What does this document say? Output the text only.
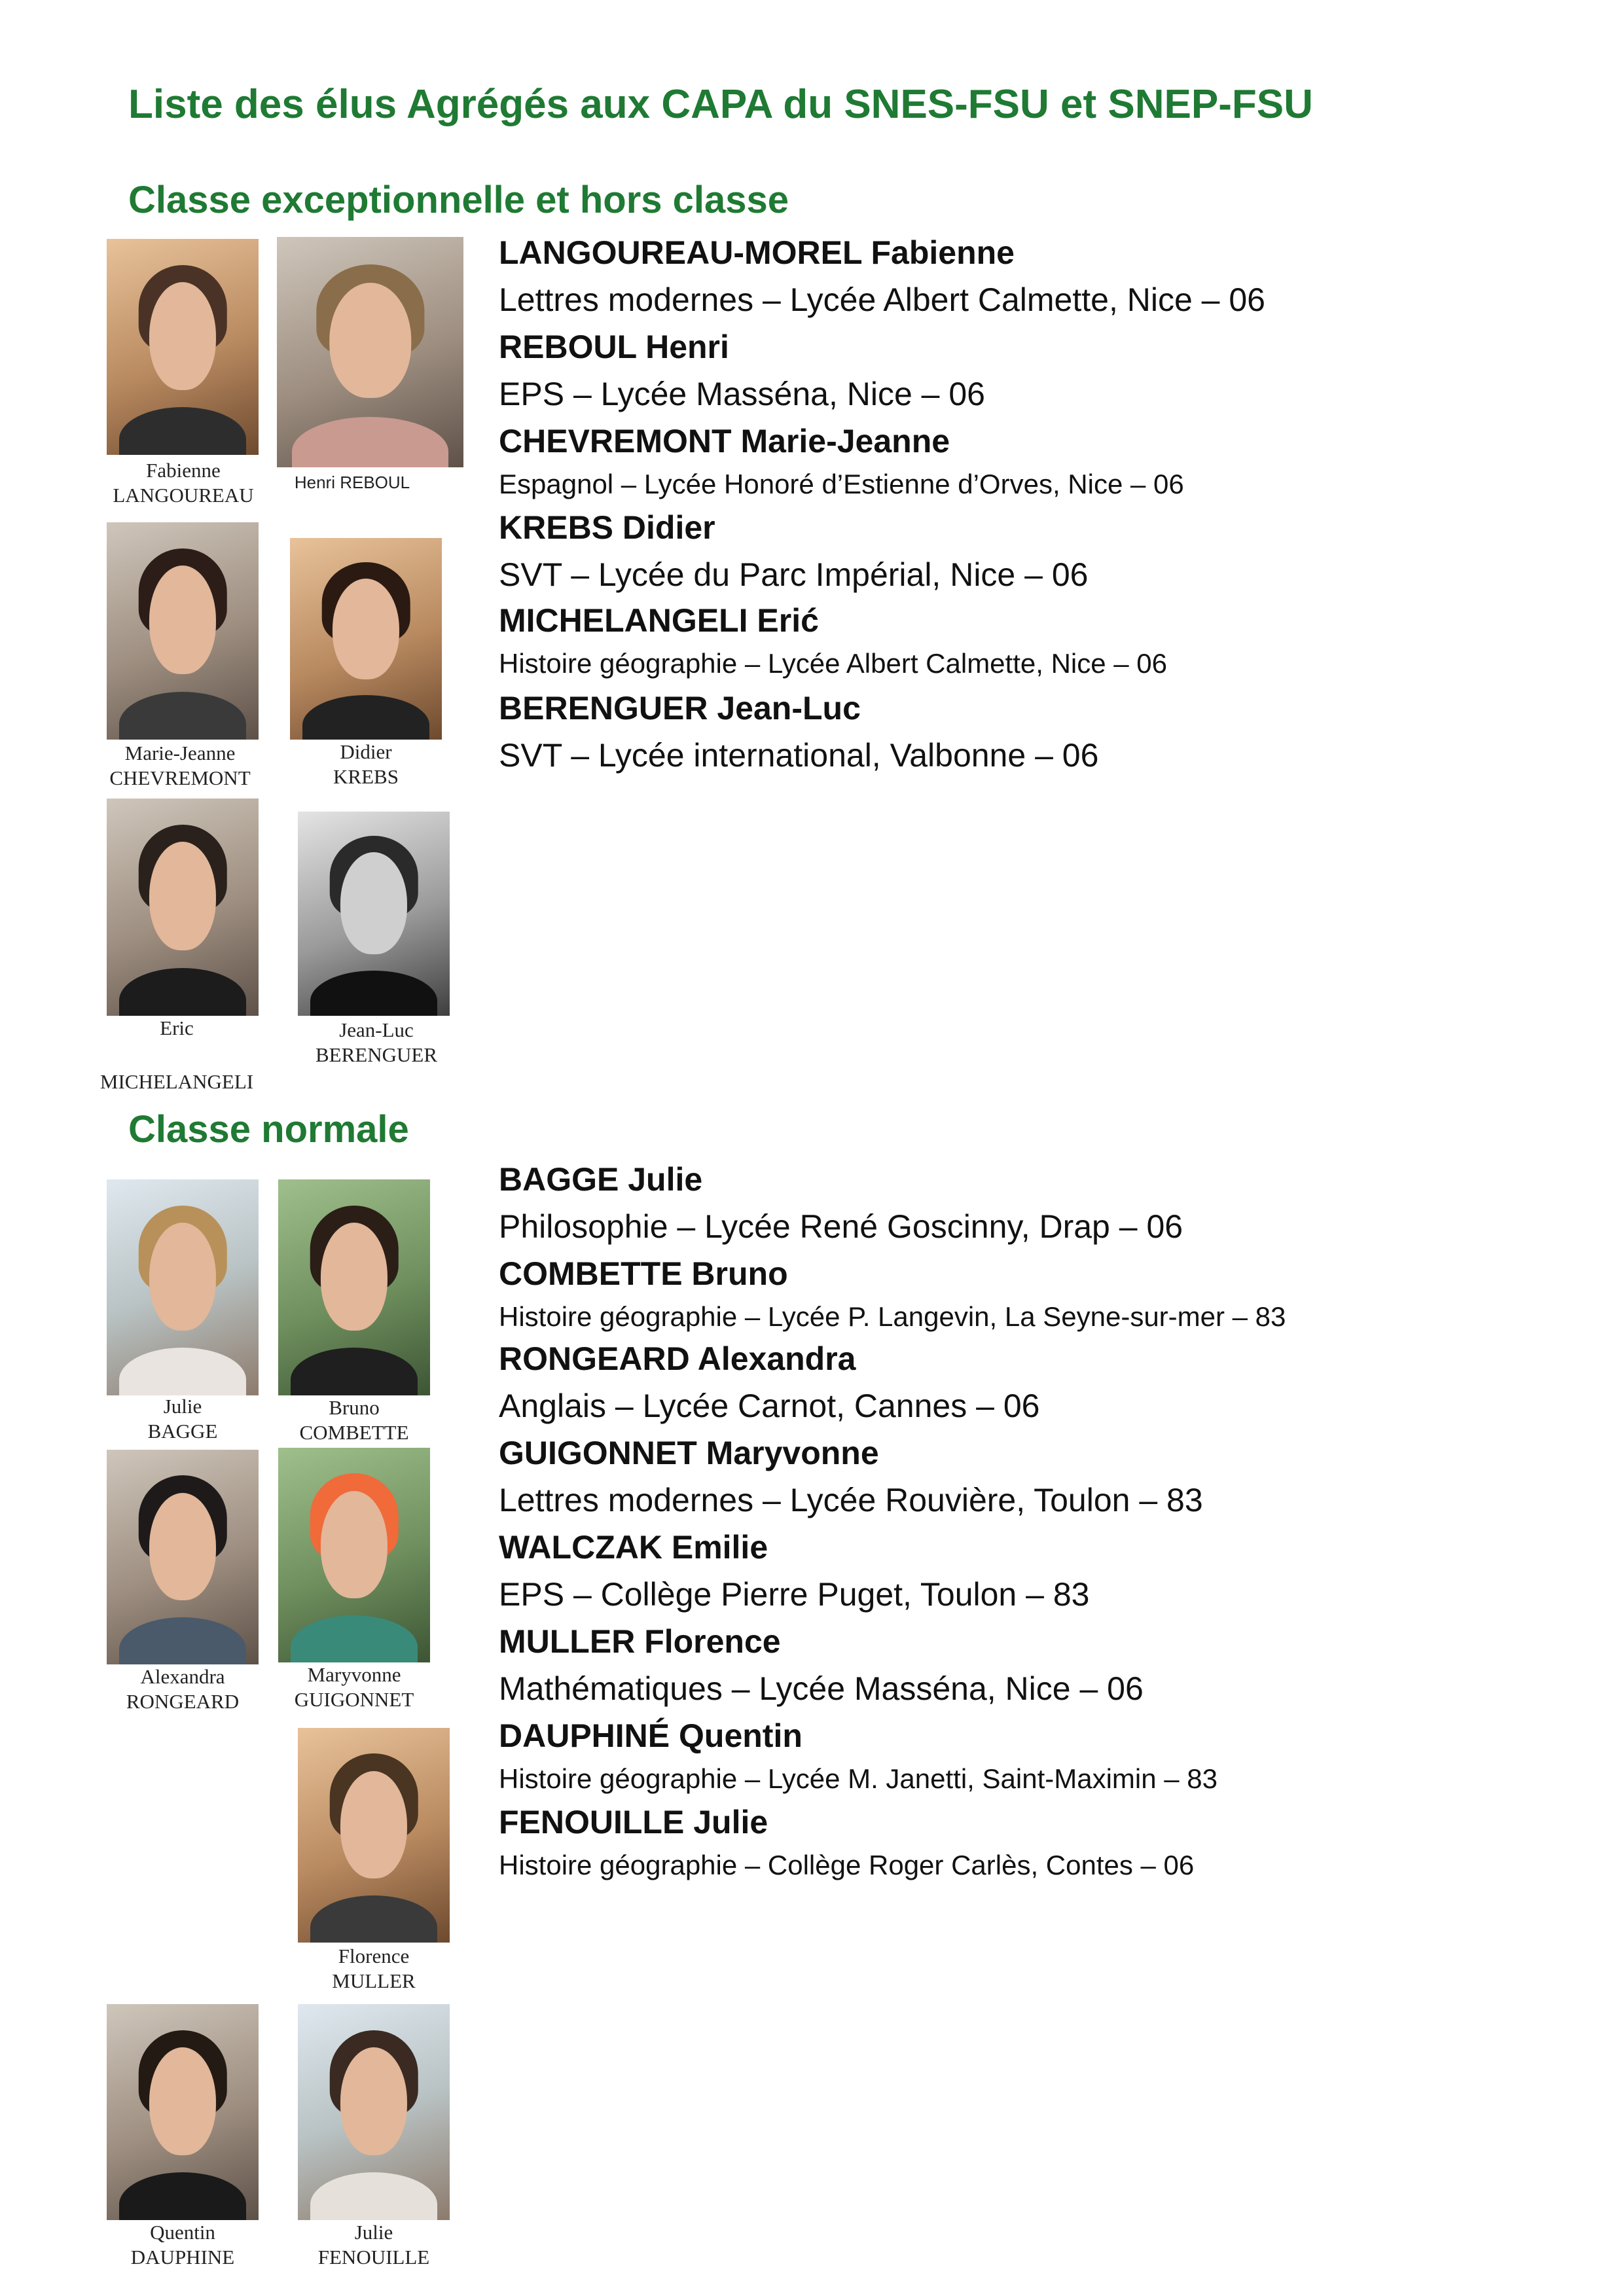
Liste des élus Agrégés aux CAPA du SNES-FSU et SNEP-FSU
Classe exceptionnelle et hors classe
Fabienne
LANGOUREAU
Henri REBOUL
Marie-Jeanne
CHEVREMONT
Didier
KREBS
Eric
MICHELANGELI
Jean-Luc
BERENGUER
LANGOUREAU-MOREL Fabienne
Lettres modernes – Lycée Albert Calmette, Nice – 06
REBOUL Henri
EPS – Lycée Masséna, Nice – 06
CHEVREMONT Marie-Jeanne
Espagnol – Lycée Honoré d’Estienne d’Orves, Nice – 06
KREBS Didier
SVT – Lycée du Parc Impérial, Nice – 06
MICHELANGELI Erić
Histoire géographie – Lycée Albert Calmette, Nice – 06
BERENGUER Jean-Luc
SVT – Lycée international, Valbonne – 06
Classe normale
Julie
BAGGE
Bruno
COMBETTE
Alexandra
RONGEARD
Maryvonne
GUIGONNET
Florence
MULLER
Quentin
DAUPHINE
Julie
FENOUILLE
BAGGE Julie
Philosophie – Lycée René Goscinny, Drap – 06
COMBETTE Bruno
Histoire géographie – Lycée P. Langevin, La Seyne-sur-mer – 83
RONGEARD Alexandra
Anglais – Lycée Carnot, Cannes – 06
GUIGONNET Maryvonne
Lettres modernes – Lycée Rouvière, Toulon – 83
WALCZAK Emilie
EPS – Collège Pierre Puget, Toulon – 83
MULLER Florence
Mathématiques – Lycée Masséna, Nice – 06
DAUPHINÉ Quentin
Histoire géographie – Lycée M. Janetti, Saint-Maximin – 83
FENOUILLE Julie
Histoire géographie – Collège Roger Carlès, Contes – 06
